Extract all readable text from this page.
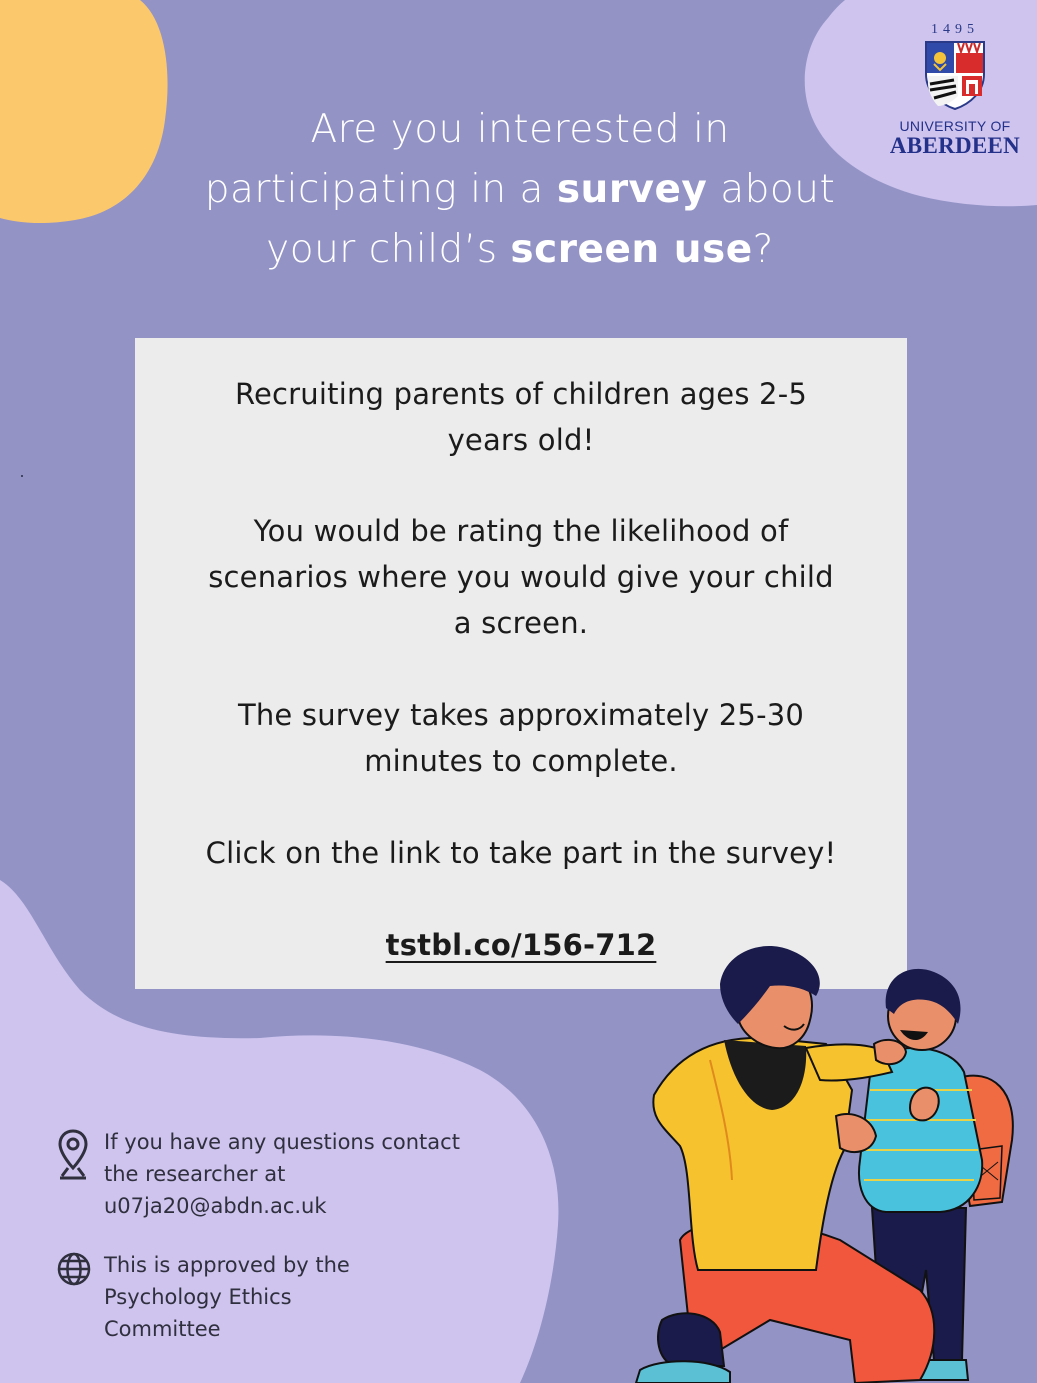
Are you interested in
participating in a survey about
your child’s screen use?
1495
UNIVERSITY OF
ABERDEEN

Recruiting parents of children ages 2-5

years old!

You would be rating the likelihood of

scenarios where you would give your child

a screen.

The survey takes approximately 25-30

minutes to complete.

Click on the link to take part in the survey!

tstbl.co/156-712

If you have any questions contact
the researcher at
u07ja20@abdn.ac.uk
This is approved by the
Psychology Ethics
Committee
